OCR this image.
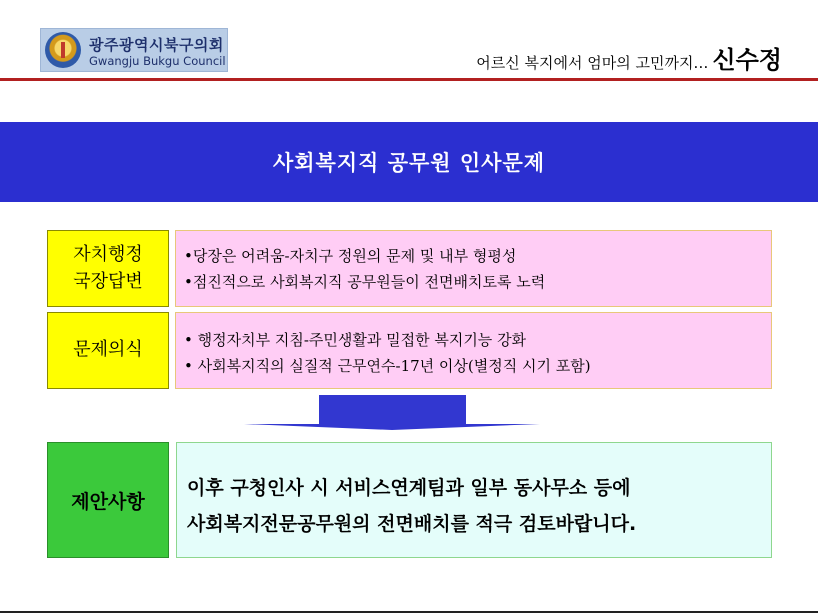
광주광역시북구의회
Gwangju Bukgu Council	어르신 복지에서 엄마의 고민까지… 신수정
사회복지직 공무원 인사문제
자치행정
국장답변
•당장은 어려움-자치구 정원의 문제 및 내부 형평성
•점진적으로 사회복지직 공무원들이 전면배치토록 노력
문제의식	• 행정자치부 지침-주민생활과 밀접한 복지기능 강화
• 사회복지직의 실질적 근무연수-17년 이상(별정직 시기 포함)
제안사항
이후 구청인사 시 서비스연계팀과 일부 동사무소 등에
사회복지전문공무원의 전면배치를 적극 검토바랍니다.
